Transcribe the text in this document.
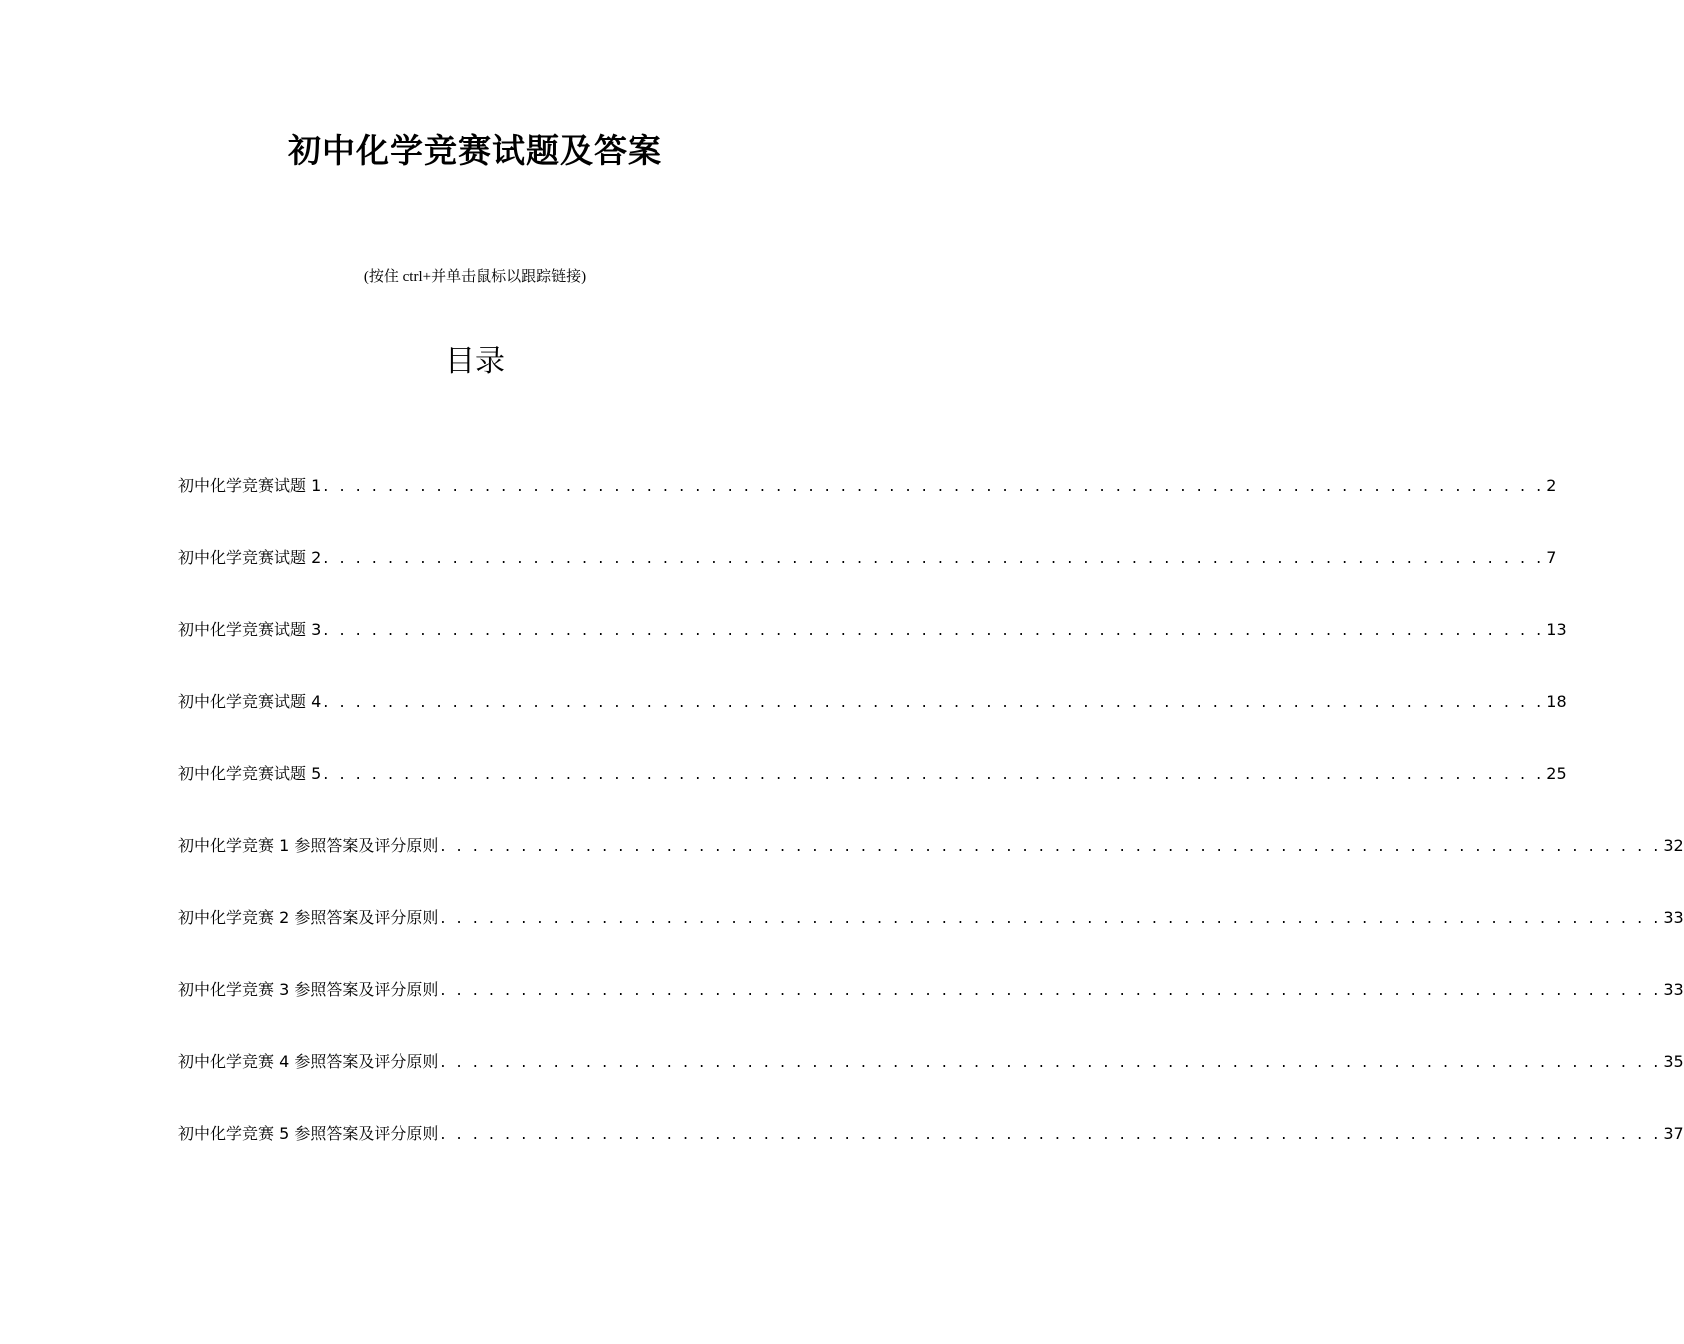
初中化学竞赛试题及答案
(按住 ctrl+并单击鼠标以跟踪链接)
目录
初中化学竞赛试题 1 . . . . . . . . . . . . . . . . . . . . . . . . . . . . . . . . . . . . . . . . . . . . . . . . . . . . . . . . . . . . . . . . . . . . . . . . . . . . 2
初中化学竞赛试题 2 . . . . . . . . . . . . . . . . . . . . . . . . . . . . . . . . . . . . . . . . . . . . . . . . . . . . . . . . . . . . . . . . . . . . . . . . . . . . 7
初中化学竞赛试题 3 . . . . . . . . . . . . . . . . . . . . . . . . . . . . . . . . . . . . . . . . . . . . . . . . . . . . . . . . . . . . . . . . . . . . . . . . . . . . 13
初中化学竞赛试题 4 . . . . . . . . . . . . . . . . . . . . . . . . . . . . . . . . . . . . . . . . . . . . . . . . . . . . . . . . . . . . . . . . . . . . . . . . . . . . 18
初中化学竞赛试题 5 . . . . . . . . . . . . . . . . . . . . . . . . . . . . . . . . . . . . . . . . . . . . . . . . . . . . . . . . . . . . . . . . . . . . . . . . . . . . 25
初中化学竞赛 1 参照答案及评分原则 . . . . . . . . . . . . . . . . . . . . . . . . . . . . . . . . . . . . . . . . . . . . . . . . . . . . . . . . . . . . . . . . . . . . . . . . . . . . 32
初中化学竞赛 2 参照答案及评分原则 . . . . . . . . . . . . . . . . . . . . . . . . . . . . . . . . . . . . . . . . . . . . . . . . . . . . . . . . . . . . . . . . . . . . . . . . . . . . 33
初中化学竞赛 3 参照答案及评分原则 . . . . . . . . . . . . . . . . . . . . . . . . . . . . . . . . . . . . . . . . . . . . . . . . . . . . . . . . . . . . . . . . . . . . . . . . . . . . 33
初中化学竞赛 4 参照答案及评分原则 . . . . . . . . . . . . . . . . . . . . . . . . . . . . . . . . . . . . . . . . . . . . . . . . . . . . . . . . . . . . . . . . . . . . . . . . . . . . 35
初中化学竞赛 5 参照答案及评分原则 . . . . . . . . . . . . . . . . . . . . . . . . . . . . . . . . . . . . . . . . . . . . . . . . . . . . . . . . . . . . . . . . . . . . . . . . . . . . 37
